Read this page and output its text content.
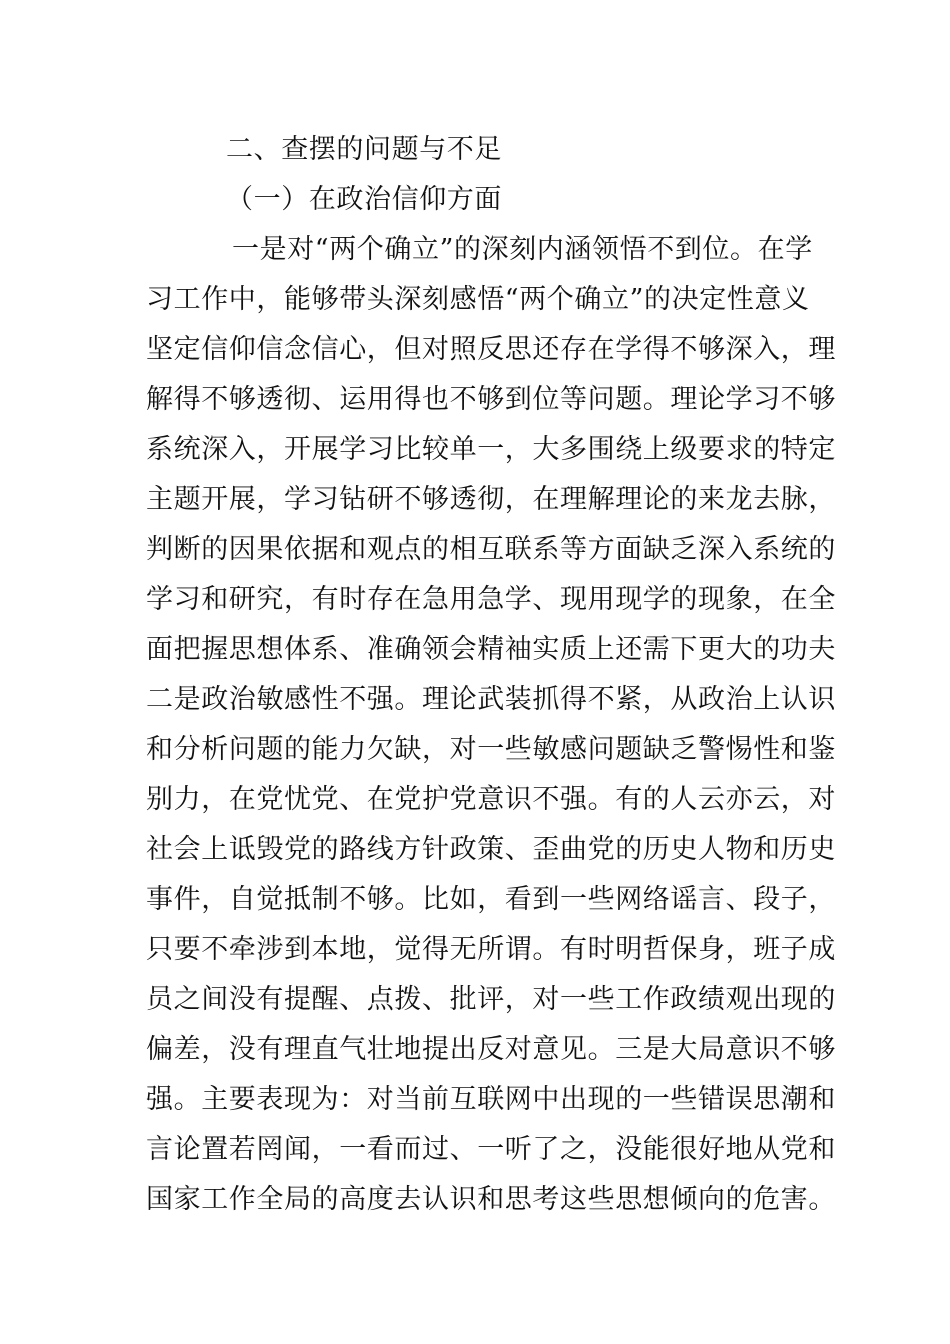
二、查摆的问题与不足
（一）在政治信仰方面
一是对“两个确立”的深刻内涵领悟不到位。在学
习工作中，能够带头深刻感悟“两个确立”的决定性意义
坚定信仰信念信心，但对照反思还存在学得不够深入，理
解得不够透彻、运用得也不够到位等问题。理论学习不够
系统深入，开展学习比较单一，大多围绕上级要求的特定
主题开展，学习钻研不够透彻，在理解理论的来龙去脉，
判断的因果依据和观点的相互联系等方面缺乏深入系统的
学习和研究，有时存在急用急学、现用现学的现象，在全
面把握思想体系、准确领会精袖实质上还需下更大的功夫
二是政治敏感性不强。理论武装抓得不紧，从政治上认识
和分析问题的能力欠缺，对一些敏感问题缺乏警惕性和鉴
别力，在党忧党、在党护党意识不强。有的人云亦云，对
社会上诋毁党的路线方针政策、歪曲党的历史人物和历史
事件，自觉抵制不够。比如，看到一些网络谣言、段子，
只要不牵涉到本地，觉得无所谓。有时明哲保身，班子成
员之间没有提醒、点拨、批评，对一些工作政绩观出现的
偏差，没有理直气壮地提出反对意见。三是大局意识不够
强。主要表现为：对当前互联网中出现的一些错误思潮和
言论置若罔闻，一看而过、一听了之，没能很好地从党和
国家工作全局的高度去认识和思考这些思想倾向的危害。
